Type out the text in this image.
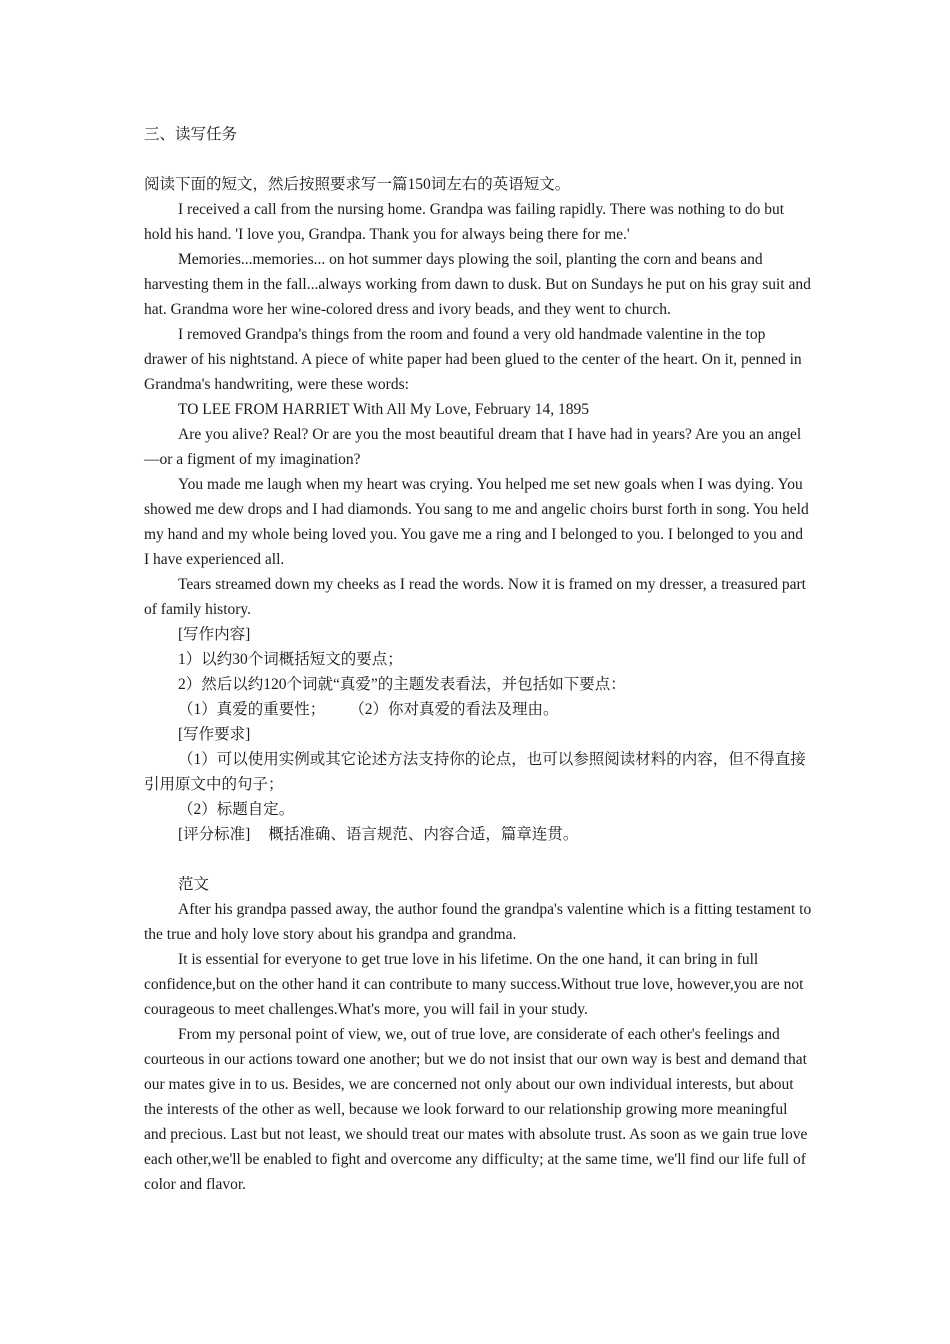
三、读写任务

阅读下面的短文，然后按照要求写一篇150词左右的英语短文。

I received a call from the nursing home. Grandpa was failing rapidly. There was nothing to do but hold his hand. 'I love you, Grandpa. Thank you for always being there for me.'

Memories...memories... on hot summer days plowing the soil, planting the corn and beans and harvesting them in the fall...always working from dawn to dusk. But on Sundays he put on his gray suit and hat. Grandma wore her wine-colored dress and ivory beads, and they went to church.

I removed Grandpa's things from the room and found a very old handmade valentine in the top drawer of his nightstand. A piece of white paper had been glued to the center of the heart. On it, penned in Grandma's handwriting, were these words:

TO LEE FROM HARRIET With All My Love, February 14, 1895

Are you alive? Real? Or are you the most beautiful dream that I have had in years? Are you an angel—or a figment of my imagination?

You made me laugh when my heart was crying. You helped me set new goals when I was dying. You showed me dew drops and I had diamonds. You sang to me and angelic choirs burst forth in song. You held my hand and my whole being loved you. You gave me a ring and I belonged to you. I belonged to you and I have experienced all.

Tears streamed down my cheeks as I read the words. Now it is framed on my dresser, a treasured part of family history.

[写作内容]

1）以约30个词概括短文的要点；

2）然后以约120个词就“真爱”的主题发表看法，并包括如下要点：

（1）真爱的重要性； （2）你对真爱的看法及理由。

[写作要求]

（1）可以使用实例或其它论述方法支持你的论点，也可以参照阅读材料的内容，但不得直接引用原文中的句子；

（2）标题自定。

[评分标准] 概括准确、语言规范、内容合适，篇章连贯。

范文

After his grandpa passed away, the author found the grandpa's valentine which is a fitting testament to the true and holy love story about his grandpa and grandma.

It is essential for everyone to get true love in his lifetime. On the one hand, it can bring in full confidence,but on the other hand it can contribute to many success.Without true love, however,you are not courageous to meet challenges.What's more, you will fail in your study.

From my personal point of view, we, out of true love, are considerate of each other's feelings and courteous in our actions toward one another; but we do not insist that our own way is best and demand that our mates give in to us. Besides, we are concerned not only about our own individual interests, but about the interests of the other as well, because we look forward to our relationship growing more meaningful and precious. Last but not least, we should treat our mates with absolute trust. As soon as we gain true love each other,we'll be enabled to fight and overcome any difficulty; at the same time, we'll find our life full of color and flavor.
